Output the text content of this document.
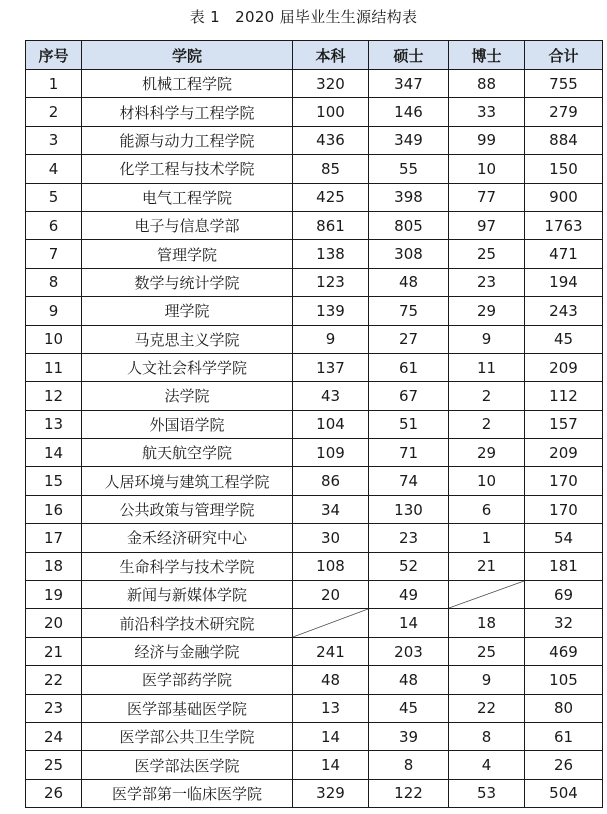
表 1 2020 届毕业生生源结构表
序号	学院	本科	硕士	博士	合计
1	机械工程学院	320	347	88	755
2	材料科学与工程学院	100	146	33	279
3	能源与动力工程学院	436	349	99	884
4	化学工程与技术学院	85	55	10	150
5	电气工程学院	425	398	77	900
6	电子与信息学部	861	805	97	1763
7	管理学院	138	308	25	471
8	数学与统计学院	123	48	23	194
9	理学院	139	75	29	243
10	马克思主义学院	9	27	9	45
11	人文社会科学学院	137	61	11	209
12	法学院	43	67	2	112
13	外国语学院	104	51	2	157
14	航天航空学院	109	71	29	209
15	人居环境与建筑工程学院	86	74	10	170
16	公共政策与管理学院	34	130	6	170
17	金禾经济研究中心	30	23	1	54
18	生命科学与技术学院	108	52	21	181
19	新闻与新媒体学院	20	49		69
20	前沿科学技术研究院		14	18	32
21	经济与金融学院	241	203	25	469
22	医学部药学院	48	48	9	105
23	医学部基础医学院	13	45	22	80
24	医学部公共卫生学院	14	39	8	61
25	医学部法医学院	14	8	4	26
26	医学部第一临床医学院	329	122	53	504
